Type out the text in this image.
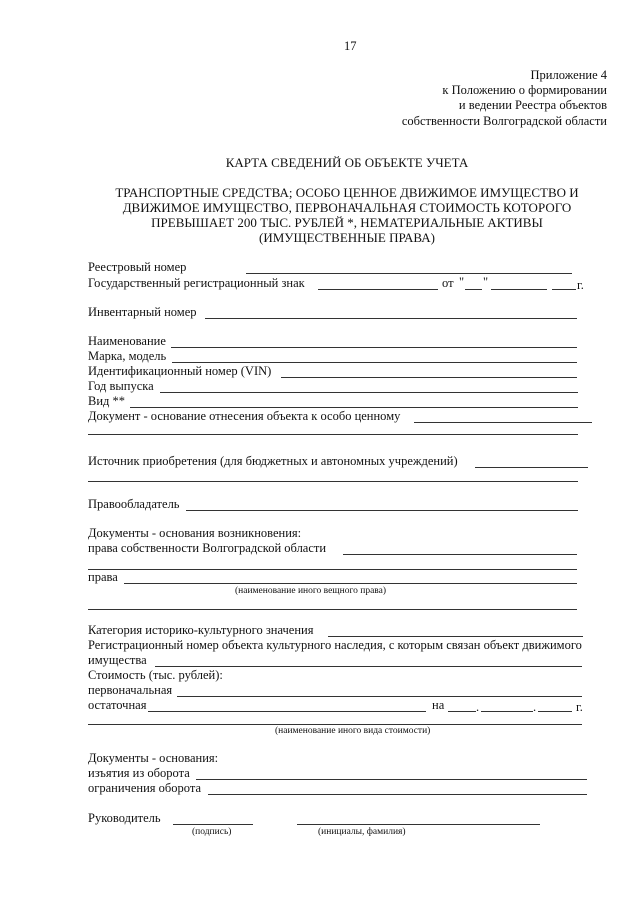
17
Приложение 4
к Положению о формировании
и ведении Реестра объектов
собственности Волгоградской области
КАРТА СВЕДЕНИЙ ОБ ОБЪЕКТЕ УЧЕТА
ТРАНСПОРТНЫЕ СРЕДСТВА; ОСОБО ЦЕННОЕ ДВИЖИМОЕ ИМУЩЕСТВО И
ДВИЖИМОЕ ИМУЩЕСТВО, ПЕРВОНАЧАЛЬНАЯ СТОИМОСТЬ КОТОРОГО
ПРЕВЫШАЕТ 200 ТЫС. РУБЛЕЙ *, НЕМАТЕРИАЛЬНЫЕ АКТИВЫ
(ИМУЩЕСТВЕННЫЕ ПРАВА)
Реестровый номер
Государственный регистрационный знак	от " "	г.
Инвентарный номер
Наименование
Марка, модель
Идентификационный номер (VIN)
Год выпуска
Вид **
Документ - основание отнесения объекта к особо ценному
Источник приобретения (для бюджетных и автономных учреждений)
Правообладатель
Документы - основания возникновения:
права собственности Волгоградской области
права
(наименование иного вещного права)
Категория историко-культурного значения
Регистрационный номер объекта культурного наследия, с которым связан объект движимого
имущества
Стоимость (тыс. рублей):
первоначальная
остаточная	на	.	.	г.
(наименование иного вида стоимости)
Документы - основания:
изъятия из оборота
ограничения оборота
Руководитель
(подпись)	(инициалы, фамилия)
